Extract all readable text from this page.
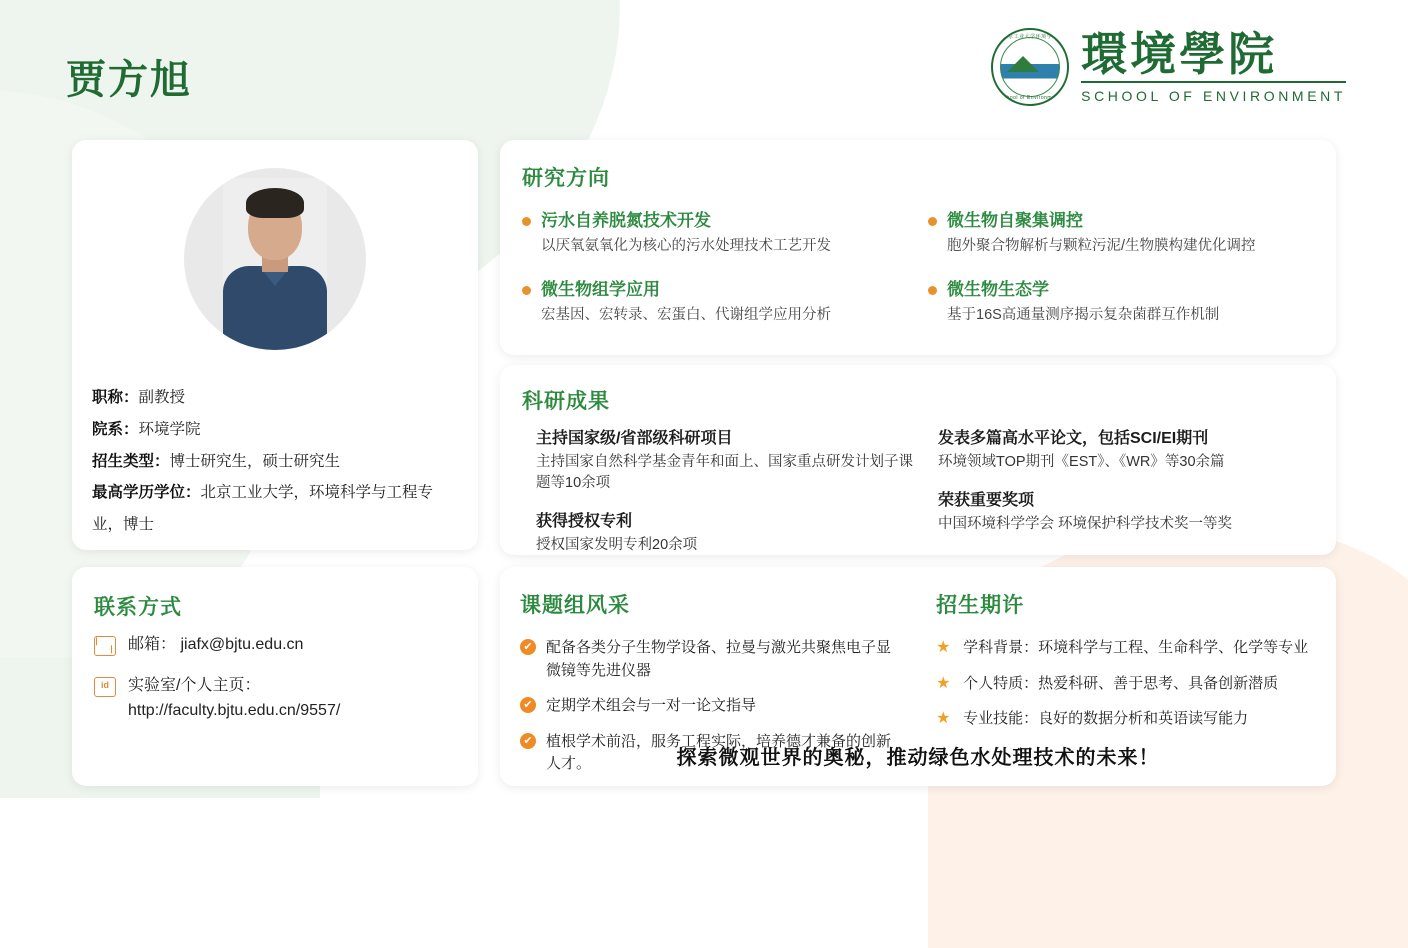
贾方旭
北京工业大学环境学院
School of Environment
環境學院
SCHOOL OF ENVIRONMENT
职称：副教授
院系：环境学院
招生类型：博士研究生，硕士研究生
最高学历学位：北京工业大学，环境科学与工程专业，博士
联系方式
邮箱： jiafx@bjtu.edu.cn
id	实验室/个人主页：
http://faculty.bjtu.edu.cn/9557/
研究方向
污水自养脱氮技术开发
以厌氧氨氧化为核心的污水处理技术工艺开发
微生物组学应用
宏基因、宏转录、宏蛋白、代谢组学应用分析
微生物自聚集调控
胞外聚合物解析与颗粒污泥/生物膜构建优化调控
微生物生态学
基于16S高通量测序揭示复杂菌群互作机制
科研成果
主持国家级/省部级科研项目
主持国家自然科学基金青年和面上、国家重点研发计划子课题等10余项
获得授权专利
授权国家发明专利20余项
发表多篇高水平论文，包括SCI/EI期刊
环境领域TOP期刊《EST》、《WR》等30余篇
荣获重要奖项
中国环境科学学会 环境保护科学技术奖一等奖
课题组风采
✔ 配备各类分子生物学设备、拉曼与激光共聚焦电子显微镜等先进仪器
✔ 定期学术组会与一对一论文指导
✔ 植根学术前沿，服务工程实际，培养德才兼备的创新人才。
招生期许
★ 学科背景：环境科学与工程、生命科学、化学等专业
★ 个人特质：热爱科研、善于思考、具备创新潜质
★ 专业技能：良好的数据分析和英语读写能力
探索微观世界的奥秘，推动绿色水处理技术的未来！
